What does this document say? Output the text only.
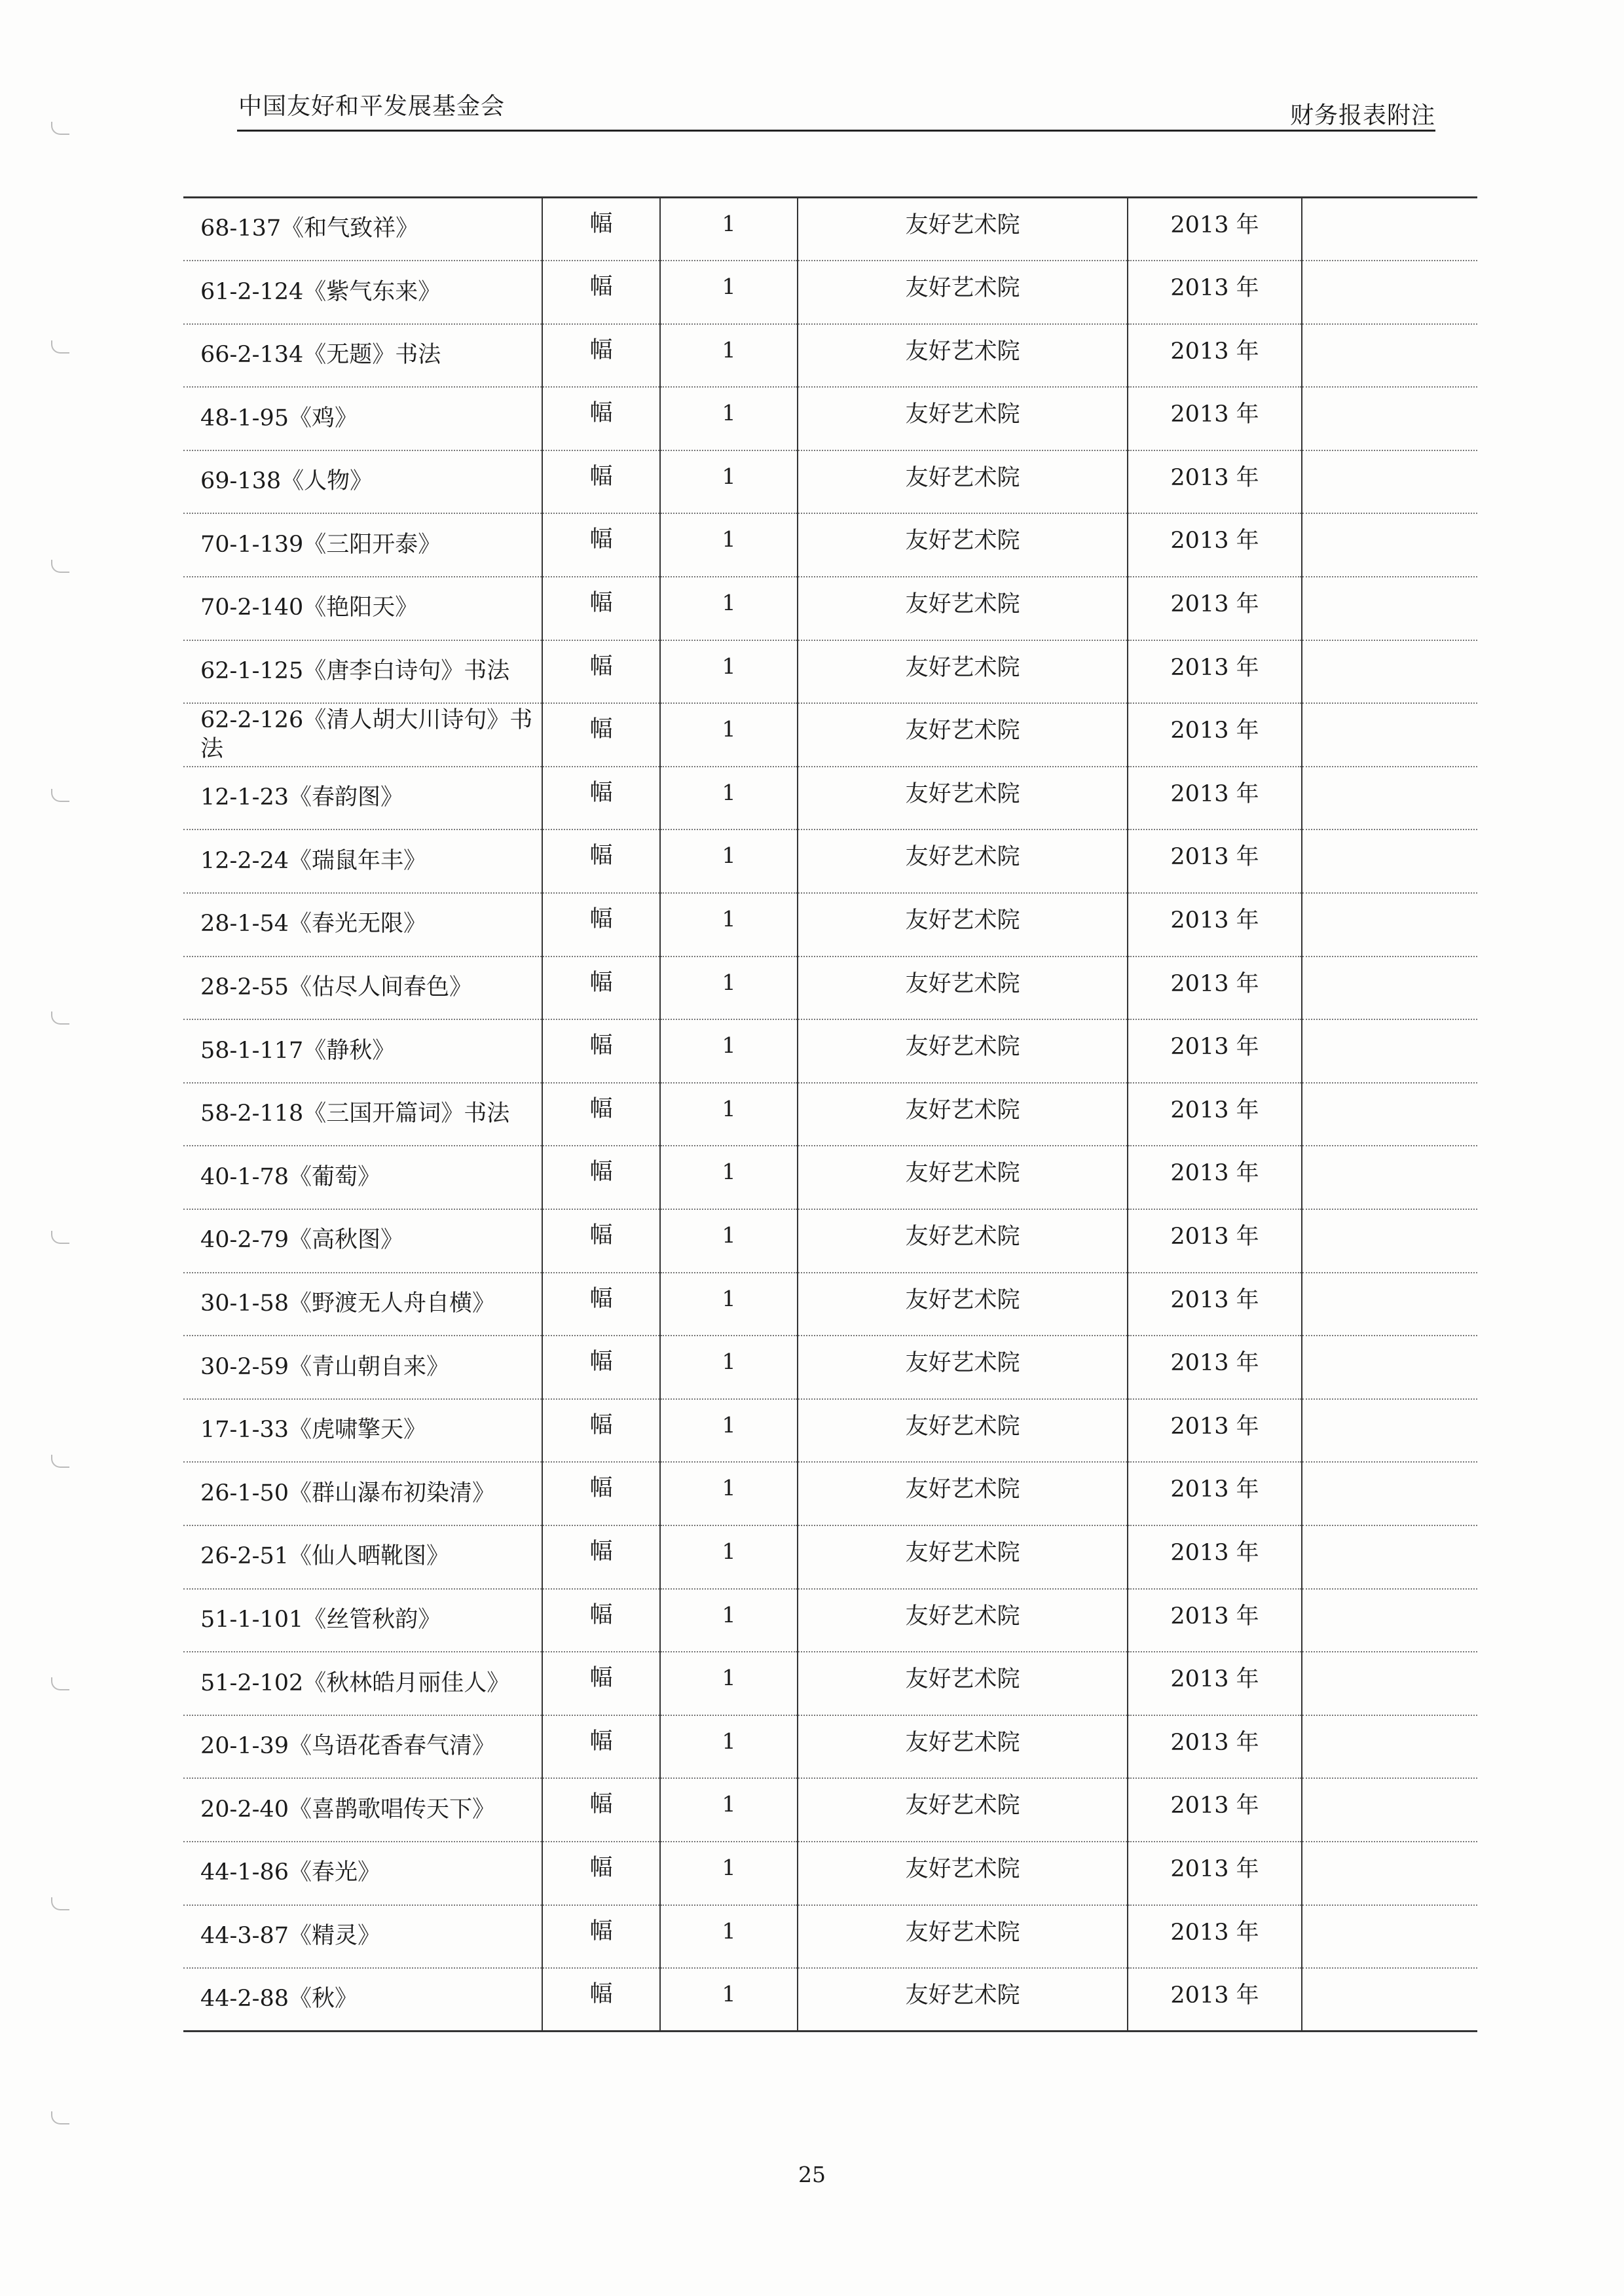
中国友好和平发展基金会	财务报表附注
68-137《和气致祥》	幅	1	友好艺术院	2013 年	
61-2-124《紫气东来》	幅	1	友好艺术院	2013 年	
66-2-134《无题》书法	幅	1	友好艺术院	2013 年	
48-1-95《鸡》	幅	1	友好艺术院	2013 年	
69-138《人物》	幅	1	友好艺术院	2013 年	
70-1-139《三阳开泰》	幅	1	友好艺术院	2013 年	
70-2-140《艳阳天》	幅	1	友好艺术院	2013 年	
62-1-125《唐李白诗句》书法	幅	1	友好艺术院	2013 年	
62-2-126《清人胡大川诗句》书法	幅	1	友好艺术院	2013 年	
12-1-23《春韵图》	幅	1	友好艺术院	2013 年	
12-2-24《瑞鼠年丰》	幅	1	友好艺术院	2013 年	
28-1-54《春光无限》	幅	1	友好艺术院	2013 年	
28-2-55《估尽人间春色》	幅	1	友好艺术院	2013 年	
58-1-117《静秋》	幅	1	友好艺术院	2013 年	
58-2-118《三国开篇词》书法	幅	1	友好艺术院	2013 年	
40-1-78《葡萄》	幅	1	友好艺术院	2013 年	
40-2-79《高秋图》	幅	1	友好艺术院	2013 年	
30-1-58《野渡无人舟自横》	幅	1	友好艺术院	2013 年	
30-2-59《青山朝自来》	幅	1	友好艺术院	2013 年	
17-1-33《虎啸擎天》	幅	1	友好艺术院	2013 年	
26-1-50《群山瀑布初染清》	幅	1	友好艺术院	2013 年	
26-2-51《仙人晒靴图》	幅	1	友好艺术院	2013 年	
51-1-101《丝管秋韵》	幅	1	友好艺术院	2013 年	
51-2-102《秋林皓月丽佳人》	幅	1	友好艺术院	2013 年	
20-1-39《鸟语花香春气清》	幅	1	友好艺术院	2013 年	
20-2-40《喜鹊歌唱传天下》	幅	1	友好艺术院	2013 年	
44-1-86《春光》	幅	1	友好艺术院	2013 年	
44-3-87《精灵》	幅	1	友好艺术院	2013 年	
44-2-88《秋》	幅	1	友好艺术院	2013 年	
25
